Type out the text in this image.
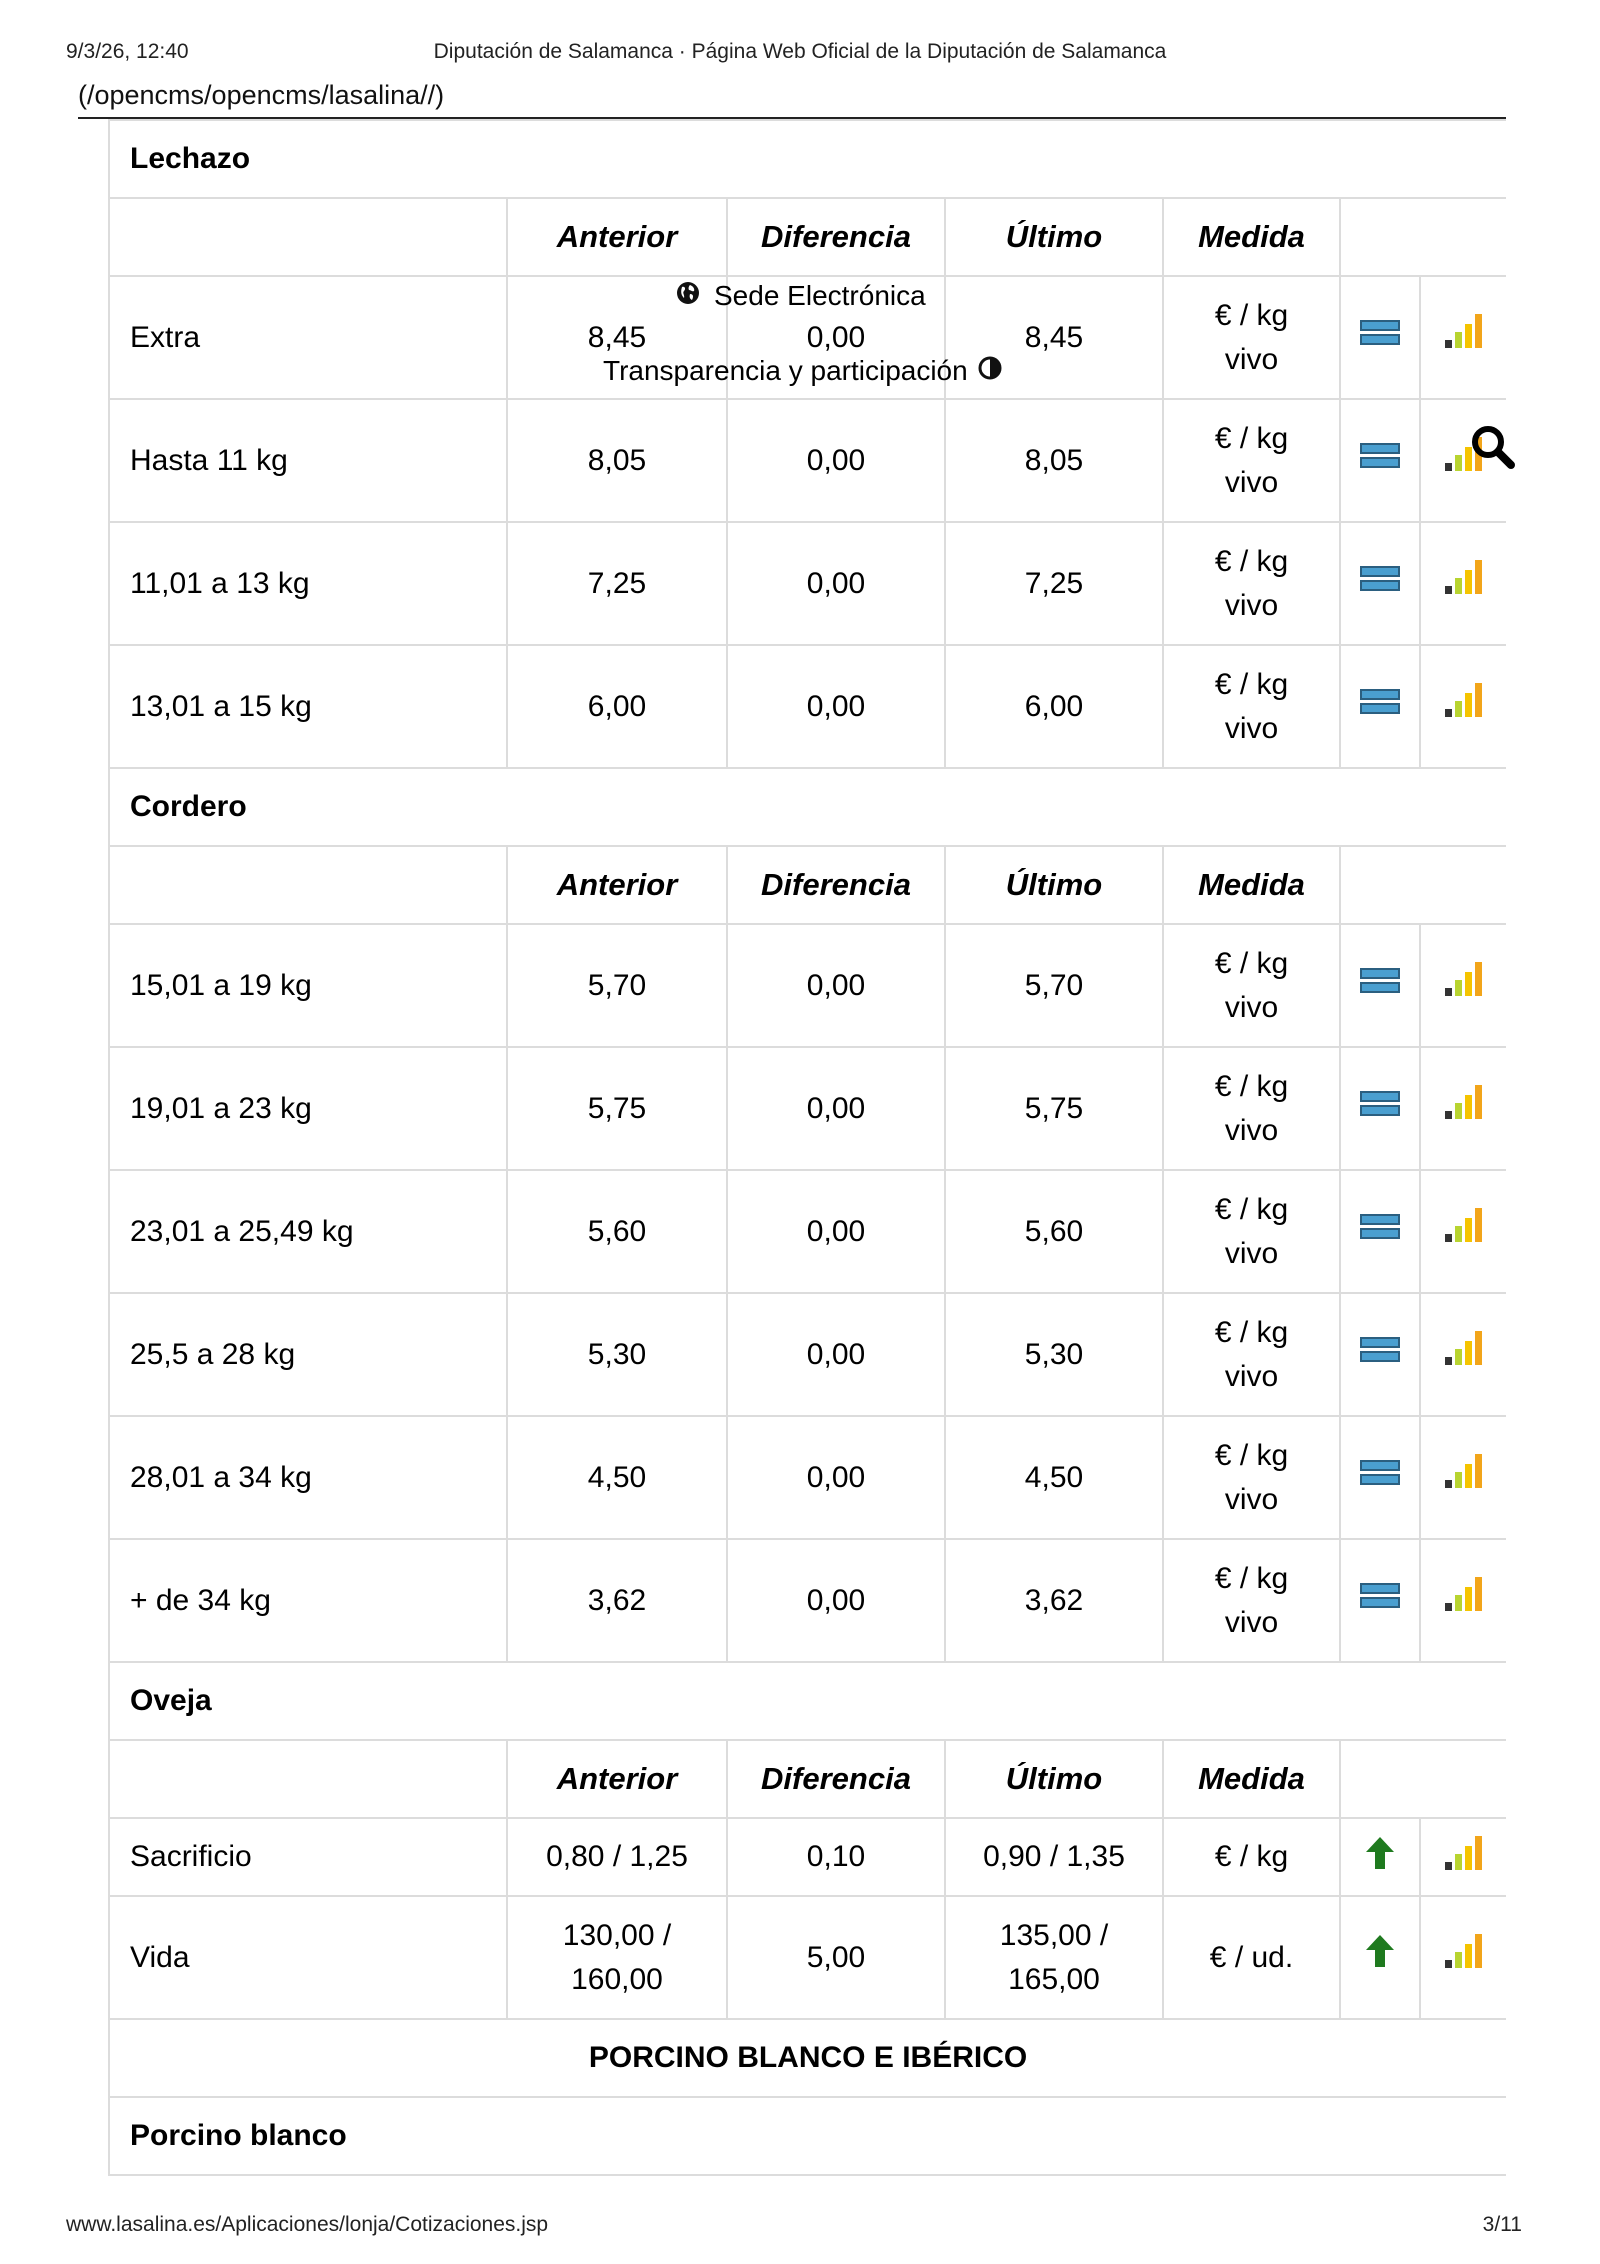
9/3/26, 12:40	Diputación de Salamanca · Página Web Oficial de la Diputación de Salamanca
(/opencms/opencms/lasalina//)
Lechazo						
	Anterior	Diferencia	Último	Medida		
Extra	8,45	0,00	8,45	€ / kg
vivo		
Hasta 11 kg	8,05	0,00	8,05	€ / kg
vivo		
11,01 a 13 kg	7,25	0,00	7,25	€ / kg
vivo		
13,01 a 15 kg	6,00	0,00	6,00	€ / kg
vivo		
Cordero						
	Anterior	Diferencia	Último	Medida		
15,01 a 19 kg	5,70	0,00	5,70	€ / kg
vivo		
19,01 a 23 kg	5,75	0,00	5,75	€ / kg
vivo		
23,01 a 25,49 kg	5,60	0,00	5,60	€ / kg
vivo		
25,5 a 28 kg	5,30	0,00	5,30	€ / kg
vivo		
28,01 a 34 kg	4,50	0,00	4,50	€ / kg
vivo		
+ de 34 kg	3,62	0,00	3,62	€ / kg
vivo		
Oveja						
	Anterior	Diferencia	Último	Medida		
Sacrificio	0,80 / 1,25	0,10	0,90 / 1,35	€ / kg		
Vida	130,00 /
160,00	5,00	135,00 /
165,00	€ / ud.		
PORCINO BLANCO E IBÉRICO						
Porcino blanco						
Sede Electrónica
Transparencia y participación
www.lasalina.es/Aplicaciones/lonja/Cotizaciones.jsp	3/11
